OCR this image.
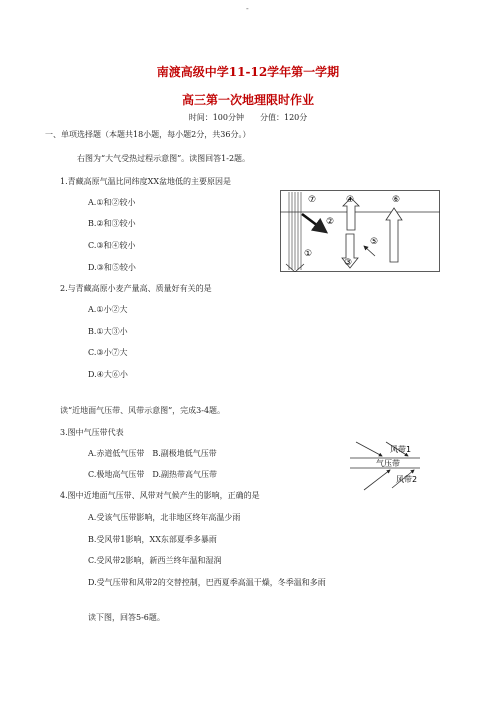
-
南渡高级中学11-12学年第一学期
高三第一次地理限时作业
时间：100分钟　　分值：120分
一、单项选择题（本题共18小题，每小题2分，共36分。）
右图为“大气受热过程示意图”。读图回答1-2题。
1.青藏高原气温比同纬度XX盆地低的主要原因是
A.①和②较小
B.②和③较小
C.③和④较小
D.③和⑤较小
2.与青藏高原小麦产量高、质量好有关的是
A.①小②大
B.①大③小
C.③小⑦大
D.④大⑥小
⑦	④	⑥
②
⑤
①
③
读“近地面气压带、风带示意图”，完成3-4题。
3.图中气压带代表
A.赤道低气压带　B.副极地低气压带
C.极地高气压带　D.副热带高气压带
风带1
气压带
风带2
4.图中近地面气压带、风带对气候产生的影响，正确的是
A.受该气压带影响，北非地区终年高温少雨
B.受风带1影响，XX东部夏季多暴雨
C.受风带2影响，新西兰终年温和湿润
D.受气压带和风带2的交替控制，巴西夏季高温干燥，冬季温和多雨
读下图，回答5-6题。
